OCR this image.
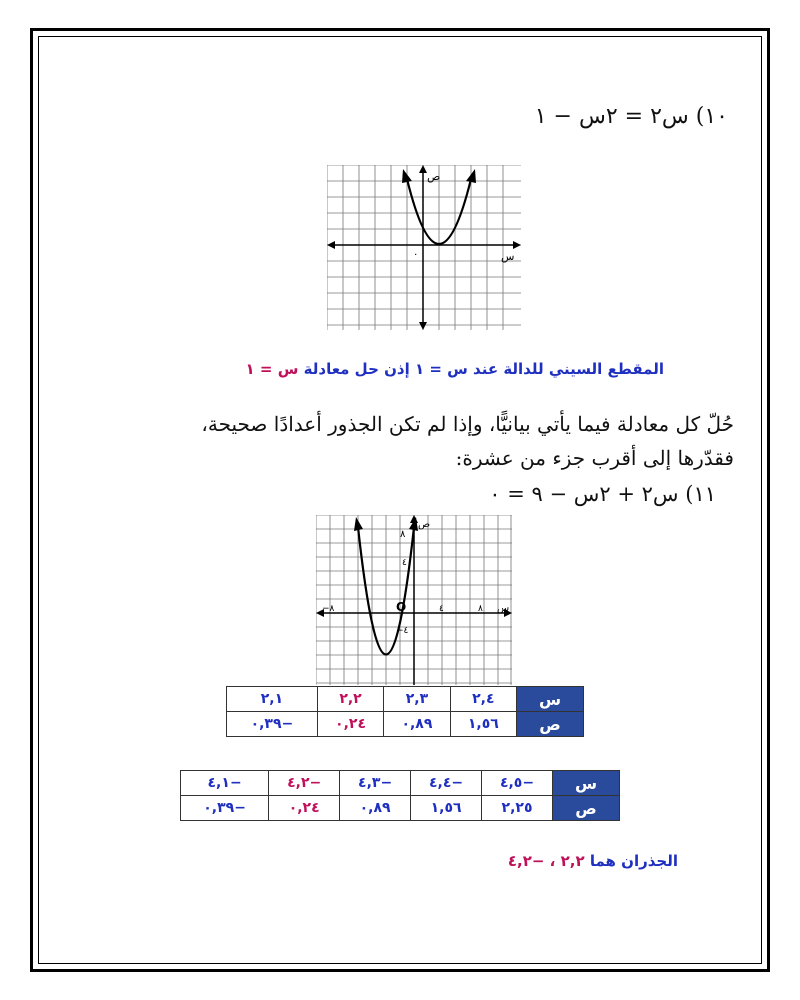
١٠) س٢ = ٢س − ١
ص
س
٠
المقطع السيني للدالة عند س = ١ إذن حل معادلة س = ١
حُلّ كل معادلة فيما يأتي بيانيًّا، وإذا لم تكن الجذور أعدادًا صحيحة،
فقدّرها إلى أقرب جزء من عشرة:
١١) س٢ + ٢س − ٩ = ٠
ص
٨
٤
−٤
O
−٨	٤	٨ س
س	٢,٤	٢,٣	٢,٢	٢,١
ص	١,٥٦	٠,٨٩	٠,٢٤	−٠,٣٩
س	−٤,٥	−٤,٤	−٤,٣	−٤,٢	−٤,١
ص	٢,٢٥	١,٥٦	٠,٨٩	٠,٢٤	−٠,٣٩
الجذران هما ٢,٢ ، −٤,٢
